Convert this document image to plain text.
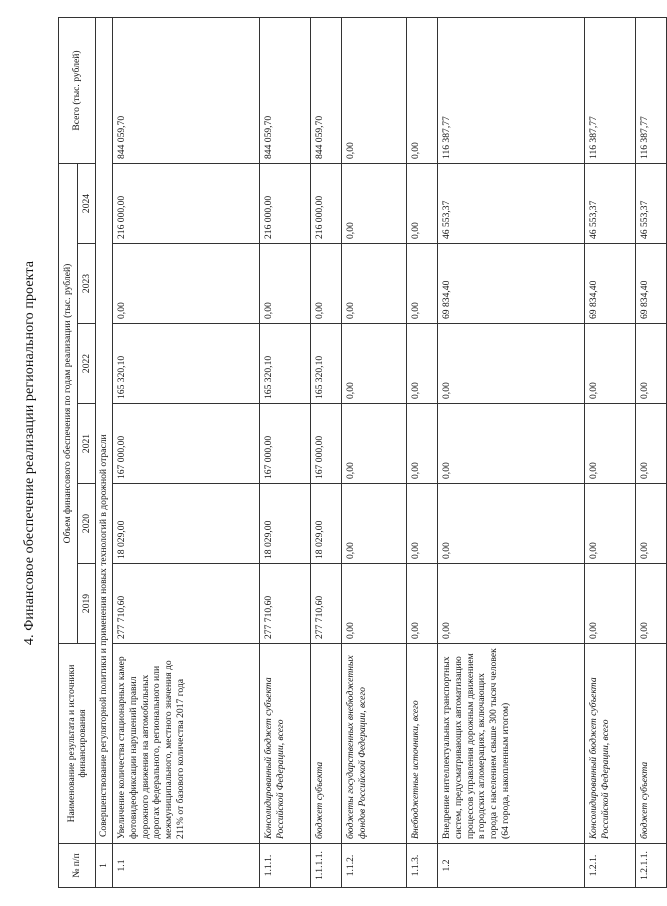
4. Финансовое обеспечение реализации регионального проекта
№ п/п	Наименование результата и источники финансирования	Объем финансового обеспечения по годам реализации (тыс. рублей)						Всего (тыс. рублей)
		2019	2020	2021	2022	2023	2024	
1	Совершенствование регуляторной политики и применения новых технологий в дорожной отрасли							
1.1	Увеличение количества стационарных камер фотовидеофиксации нарушений правил дорожного движения на автомобильных дорогах федерального, регионального или межмуниципального, местного значения до 211% от базового количества 2017 года	277 710,60	18 029,00	167 000,00	165 320,10	0,00	216 000,00	844 059,70
1.1.1.	Консолидированный бюджет субъекта Российской Федерации, всего	277 710,60	18 029,00	167 000,00	165 320,10	0,00	216 000,00	844 059,70
1.1.1.1.	бюджет субъекта	277 710,60	18 029,00	167 000,00	165 320,10	0,00	216 000,00	844 059,70
1.1.2.	бюджеты государственных внебюджетных фондов Российской Федерации, всего	0,00	0,00	0,00	0,00	0,00	0,00	0,00
1.1.3.	Внебюджетные источники, всего	0,00	0,00	0,00	0,00	0,00	0,00	0,00
1.2	Внедрение интеллектуальных транспортных систем, предусматривающих автоматизацию процессов управления дорожным движением в городских агломерациях, включающих города с населением свыше 300 тысяч человек (64 города, накопленным итогом)	0,00	0,00	0,00	0,00	69 834,40	46 553,37	116 387,77
1.2.1.	Консолидированный бюджет субъекта Российской Федерации, всего	0,00	0,00	0,00	0,00	69 834,40	46 553,37	116 387,77
1.2.1.1.	бюджет субъекта	0,00	0,00	0,00	0,00	69 834,40	46 553,37	116 387,77
